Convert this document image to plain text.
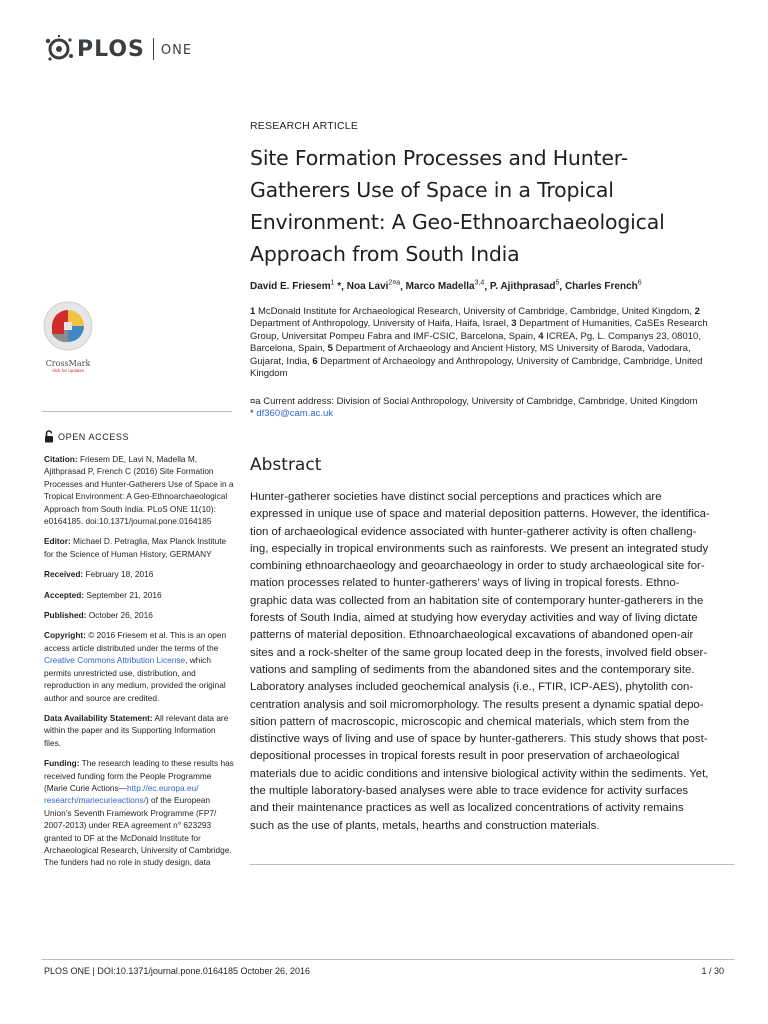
PLOS ONE
RESEARCH ARTICLE
Site Formation Processes and Hunter-Gatherers Use of Space in a Tropical Environment: A Geo-Ethnoarchaeological Approach from South India
David E. Friesem$^1$ *, Noa Lavi$^{2¤a}$, Marco Madella$^{3,4}$, P. Ajithprasad$^5$, Charles French$^6$
1 McDonald Institute for Archaeological Research, University of Cambridge, Cambridge, United Kingdom, 2 Department of Anthropology, University of Haifa, Haifa, Israel, 3 Department of Humanities, CaSEs Research Group, Universitat Pompeu Fabra and IMF-CSIC, Barcelona, Spain, 4 ICREA, Pg. L. Companys 23, 08010, Barcelona, Spain, 5 Department of Archaeology and Ancient History, MS University of Baroda, Vadodara, Gujarat, India, 6 Department of Archaeology and Anthropology, University of Cambridge, Cambridge, United Kingdom
¤a Current address: Division of Social Anthropology, University of Cambridge, Cambridge, United Kingdom
* df360@cam.ac.uk
Abstract
Hunter-gatherer societies have distinct social perceptions and practices which are
expressed in unique use of space and material deposition patterns. However, the identifica-
tion of archaeological evidence associated with hunter-gatherer activity is often challeng-
ing, especially in tropical environments such as rainforests. We present an integrated study
combining ethnoarchaeology and geoarchaeology in order to study archaeological site for-
mation processes related to hunter-gatherers’ ways of living in tropical forests. Ethno-
graphic data was collected from an habitation site of contemporary hunter-gatherers in the
forests of South India, aimed at studying how everyday activities and way of living dictate
patterns of material deposition. Ethnoarchaeological excavations of abandoned open-air
sites and a rock-shelter of the same group located deep in the forests, involved field obser-
vations and sampling of sediments from the abandoned sites and the contemporary site.
Laboratory analyses included geochemical analysis (i.e., FTIR, ICP-AES), phytolith con-
centration analysis and soil micromorphology. The results present a dynamic spatial depo-
sition pattern of macroscopic, microscopic and chemical materials, which stem from the
distinctive ways of living and use of space by hunter-gatherers. This study shows that post-
depositional processes in tropical forests result in poor preservation of archaeological
materials due to acidic conditions and intensive biological activity within the sediments. Yet,
the multiple laboratory-based analyses were able to trace evidence for activity surfaces
and their maintenance practices as well as localized concentrations of activity remains
such as the use of plants, metals, hearths and construction materials.
CrossMark
click for updates
OPEN ACCESS

Citation: Friesem DE, Lavi N, Madella M,
Ajithprasad P, French C (2016) Site Formation
Processes and Hunter-Gatherers Use of Space in a
Tropical Environment: A Geo-Ethnoarchaeological
Approach from South India. PLoS ONE 11(10):
e0164185. doi:10.1371/journal.pone.0164185

Editor: Michael D. Petraglia, Max Planck Institute
for the Science of Human History, GERMANY

Received: February 18, 2016

Accepted: September 21, 2016

Published: October 26, 2016

Copyright: © 2016 Friesem et al. This is an open
access article distributed under the terms of the
Creative Commons Attribution License, which
permits unrestricted use, distribution, and
reproduction in any medium, provided the original
author and source are credited.

Data Availability Statement: All relevant data are
within the paper and its Supporting Information
files.

Funding: The research leading to these results has
received funding form the People Programme
(Marie Curie Actions—http://ec.europa.eu/
research/mariecurieactions/) of the European
Union’s Seventh Framework Programme (FP7/
2007-2013) under REA agreement n° 623293
granted to DF at the McDonald Institute for
Archaeological Research, University of Cambridge.
The funders had no role in study design, data

PLOS ONE | DOI:10.1371/journal.pone.0164185 October 26, 2016	1 / 30
